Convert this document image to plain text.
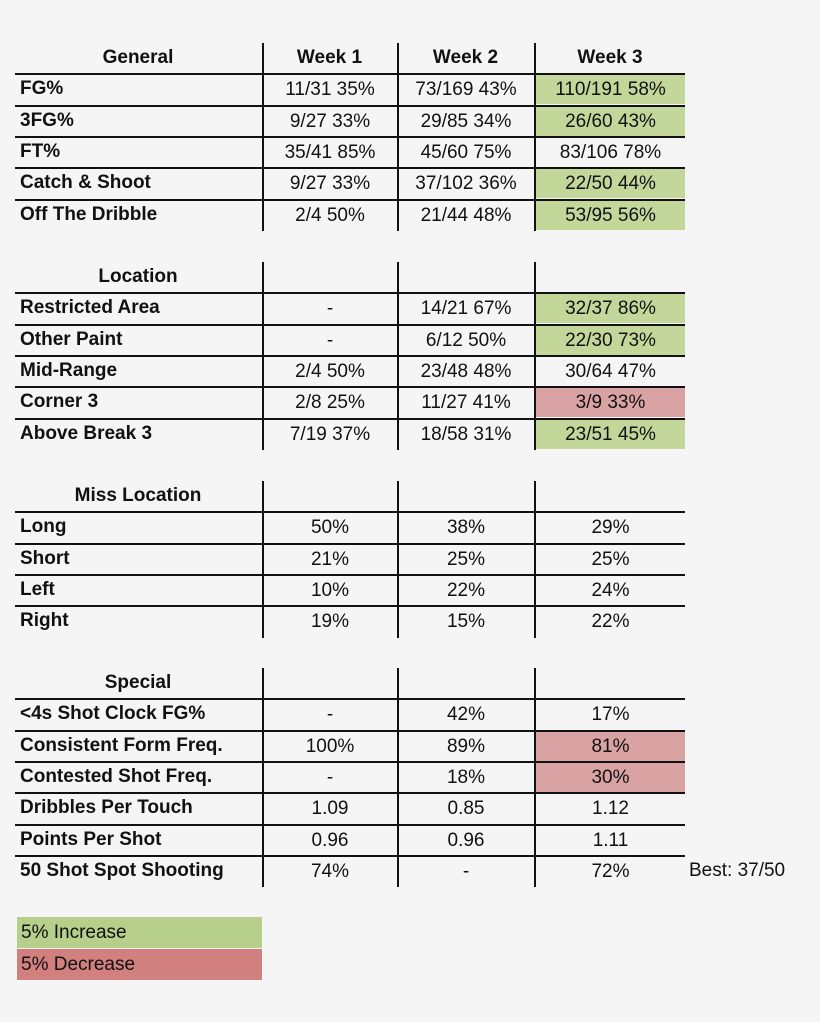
General	Week 1	Week 2	Week 3
FG%	11/31 35%	73/169 43%	110/191 58%
3FG%	9/27 33%	29/85 34%	26/60 43%
FT%	35/41 85%	45/60 75%	83/106 78%
Catch & Shoot	9/27 33%	37/102 36%	22/50 44%
Off The Dribble	2/4 50%	21/44 48%	53/95 56%
Location
Restricted Area	-	14/21 67%	32/37 86%
Other Paint	-	6/12 50%	22/30 73%
Mid-Range	2/4 50%	23/48 48%	30/64 47%
Corner 3	2/8 25%	11/27 41%	3/9 33%
Above Break 3	7/19 37%	18/58 31%	23/51 45%
Miss Location
Long	50%	38%	29%
Short	21%	25%	25%
Left	10%	22%	24%
Right	19%	15%	22%
Special
<4s Shot Clock FG%	-	42%	17%
Consistent Form Freq.	100%	89%	81%
Contested Shot Freq.	-	18%	30%
Dribbles Per Touch	1.09	0.85	1.12
Points Per Shot	0.96	0.96	1.11
50 Shot Spot Shooting	74%	-	72%	Best: 37/50
5% Increase
5% Decrease
